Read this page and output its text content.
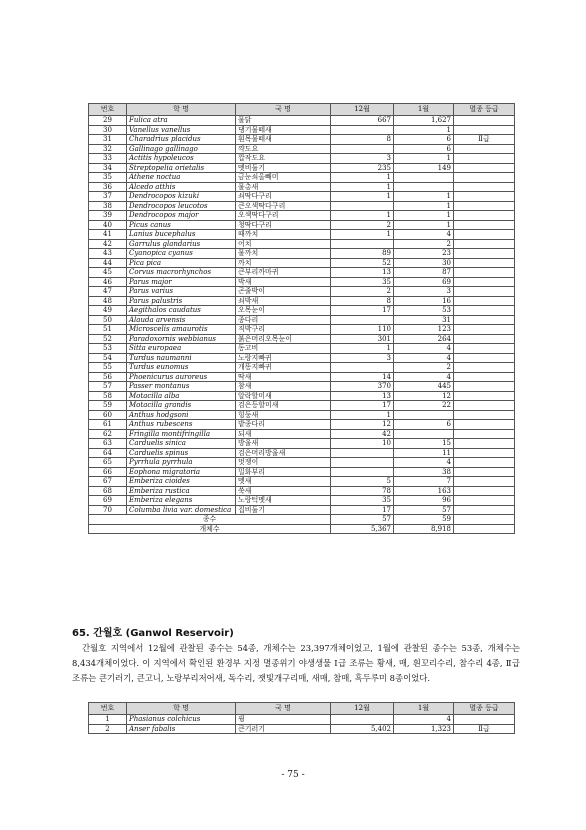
번호	학 명	국 명	12월	1월	멸종 등급
29	Fulica atra	물닭	667	1,627	
30	Vanellus vanellus	댕기물떼새		1	
31	Charadrius placidus	흰목물떼새	8	6	Ⅱ급
32	Gallinago gallinago	꺅도요		6	
33	Actitis hypoleucos	깝작도요	3	1	
34	Streptopelia orietalis	멧비둘기	235	149	
35	Athene noctua	금눈쇠올빼미	1		
36	Alcedo atthis	물총새	1		
37	Dendrocopos kizuki	쇠딱다구리	1	1	
38	Dendrocopos leucotos	큰오색딱다구리		1	
39	Dendrocopos major	오색딱다구리	1	1	
40	Picus canus	청딱다구리	2	1	
41	Lanius bucephalus	때까치	1	4	
42	Garrulus glandarius	어치		2	
43	Cyanopica cyanus	물까치	89	23	
44	Pica pica	까치	52	30	
45	Corvus macrorhynchos	큰부리까마귀	13	87	
46	Parus major	박새	35	69	
47	Parus varius	곤줄박이	2	3	
48	Parus palustris	쇠박새	8	16	
49	Aegithalos caudatus	오목눈이	17	53	
50	Alauda arvensis	종다리		31	
51	Microscelis amaurotis	직박구리	110	123	
52	Paradoxornis webbianus	붉은머리오목눈이	301	264	
53	Sitta europaea	동고비	1	4	
54	Turdus naumanni	노랑지빠귀	3	4	
55	Turdus eunomus	개똥지빠귀		2	
56	Phoenicurus auroreus	딱새	14	4	
57	Passer montanus	참새	370	445	
58	Motacilla alba	알락할미새	13	12	
59	Motacilla grandis	검은등할미새	17	22	
60	Anthus hodgsoni	힝둥새	1		
61	Anthus rubescens	밭종다리	12	6	
62	Fringilla montifringilla	되새	42		
63	Carduelis sinica	방울새	10	15	
64	Carduelis spinus	검은머리방울새		11	
65	Pyrrhula pyrrhula	멋쟁이		4	
66	Eophona migratoria	밀화부리		38	
67	Emberiza cioides	멧새	5	7	
68	Emberiza rustica	쑥새	78	163	
69	Emberiza elegans	노랑턱멧새	35	96	
70	Columba livia var. domestica	집비둘기	17	57	
종수			57	59	
개체수			5,367	8,918	
65. 간월호 (Ganwol Reservoir)
간월호 지역에서 12월에 관찰된 종수는 54종, 개체수는 23,397개체이었고, 1월에 관찰된 종수는 53종, 개체수는 8,434개체이었다. 이 지역에서 확인된 환경부 지정 멸종위기 야생생물 Ⅰ급 조류는 황새, 매, 흰꼬리수리, 참수리 4종, Ⅱ급 조류는 큰기러기, 큰고니, 노랑부리저어새, 독수리, 잿빛개구리매, 새매, 참매, 흑두루미 8종이었다.
번호	학 명	국 명	12월	1월	멸종 등급
1	Phasianus colchicus	꿩		4	
2	Anser fabalis	큰기러기	5,402	1,323	Ⅱ급
- 75 -
